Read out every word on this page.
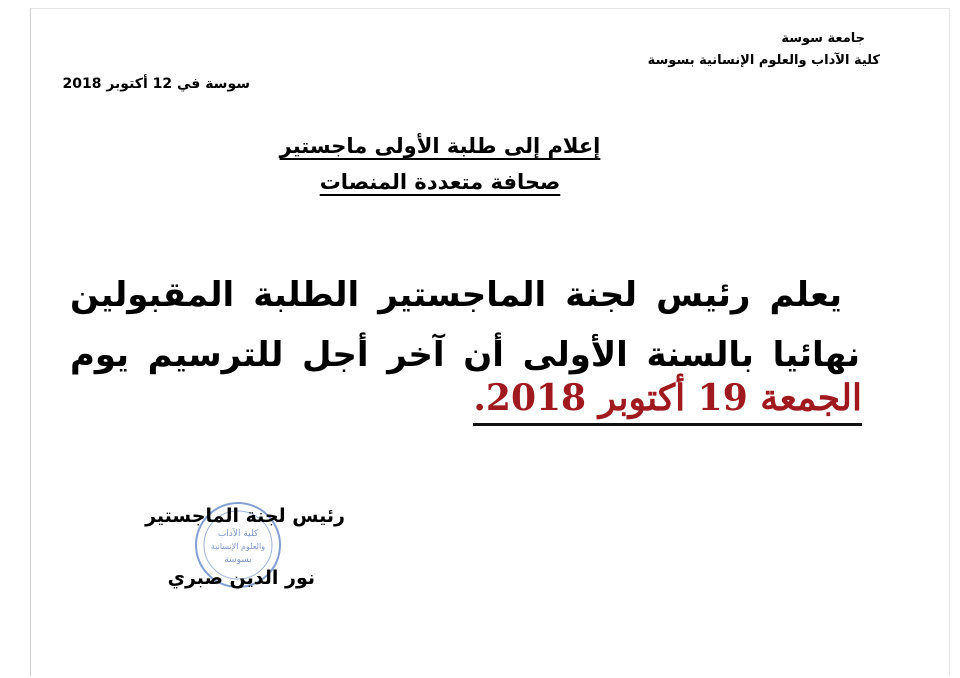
جامعة سوسة
كلية الآداب والعلوم الإنسانية بسوسة
سوسة في 12 أكتوبر 2018
إعلام إلى طلبة الأولى ماجستير
صحافة متعددة المنصات
يعلم رئيس لجنة الماجستير الطلبة المقبولين
نهائيا بالسنة الأولى أن آخر أجل للترسيم يوم
الجمعة 19 أكتوبر 2018.
كلية الآداب
والعلوم الإنسانية
بسوسة
رئيس لجنة الماجستير
نور الدين صبري
